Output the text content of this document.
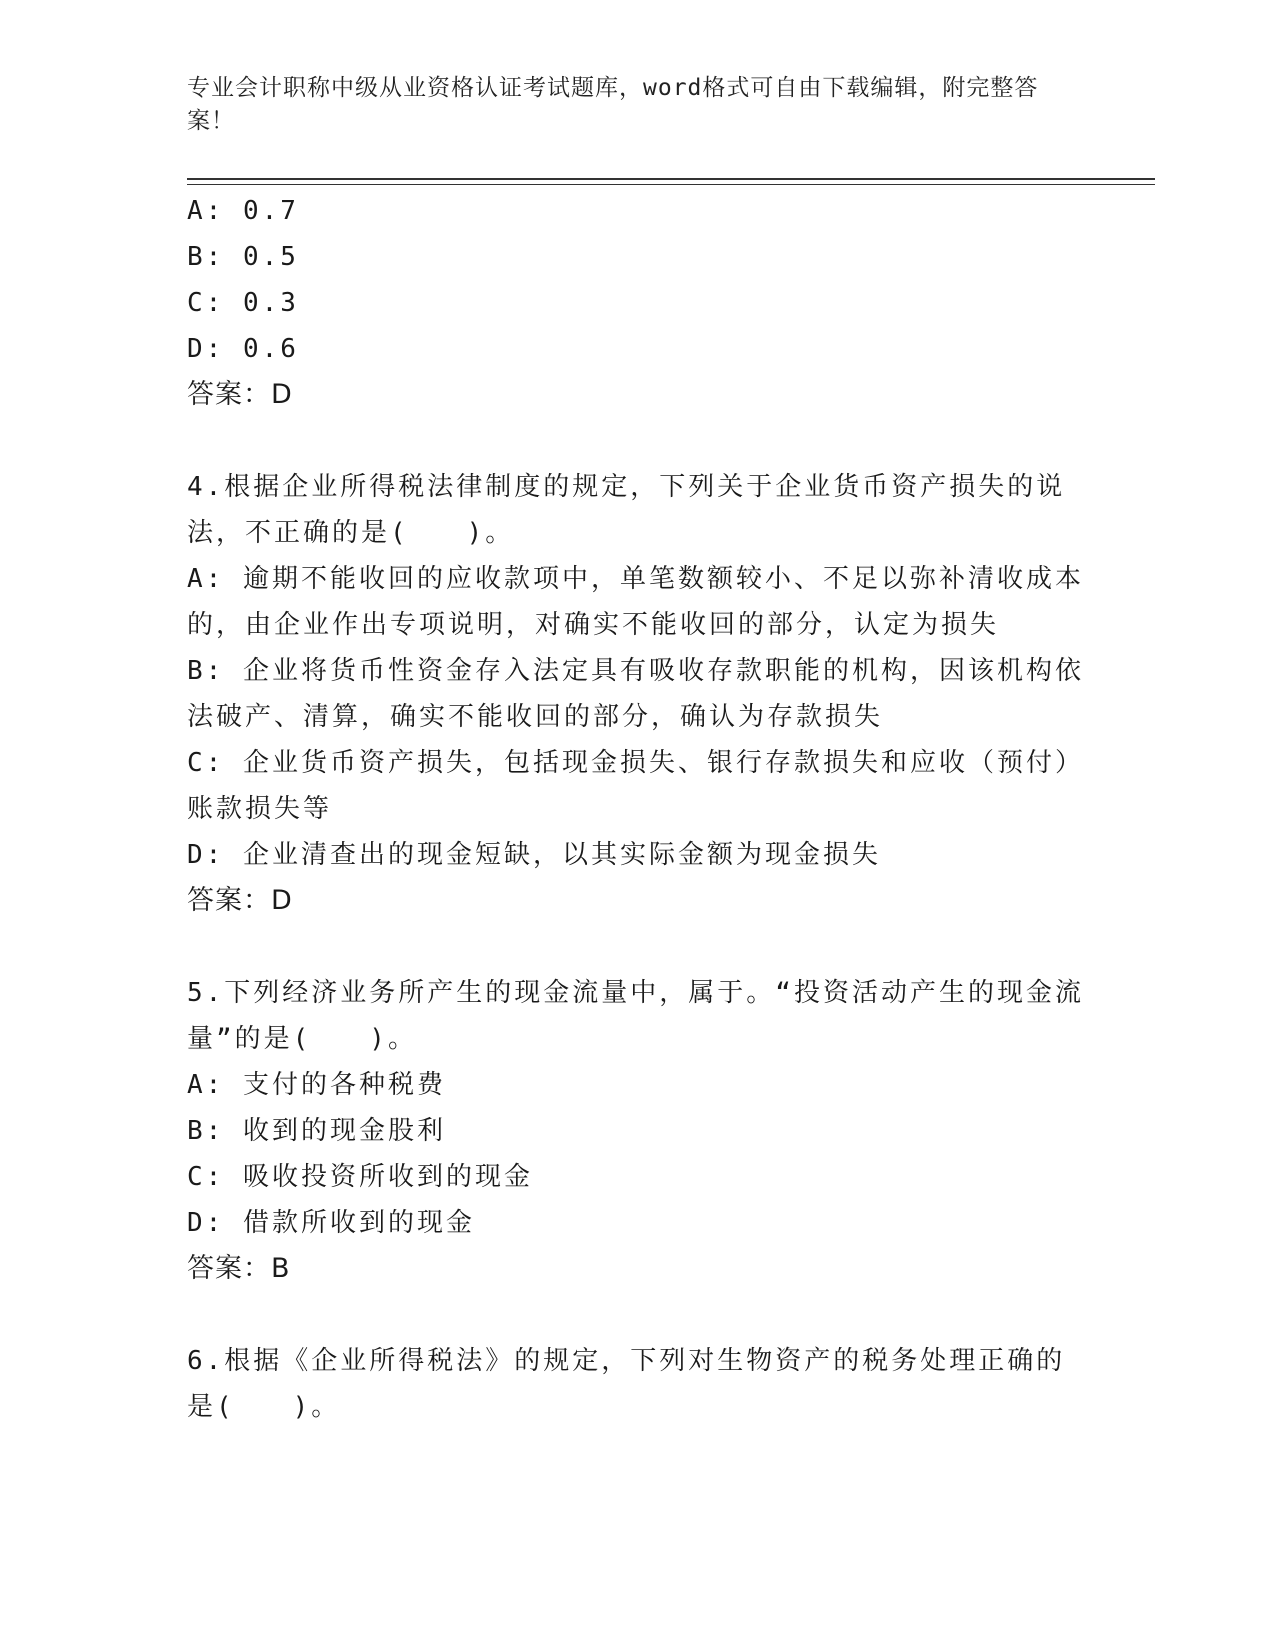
专业会计职称中级从业资格认证考试题库，word格式可自由下载编辑，附完整答案！
A: 0.7
B: 0.5
C: 0.3
D: 0.6
答案：D
4.根据企业所得税法律制度的规定，下列关于企业货币资产损失的说法，不正确的是(　　)。
A: 逾期不能收回的应收款项中，单笔数额较小、不足以弥补清收成本的，由企业作出专项说明，对确实不能收回的部分，认定为损失
B: 企业将货币性资金存入法定具有吸收存款职能的机构，因该机构依法破产、清算，确实不能收回的部分，确认为存款损失
C: 企业货币资产损失，包括现金损失、银行存款损失和应收（预付）账款损失等
D: 企业清查出的现金短缺，以其实际金额为现金损失
答案：D
5.下列经济业务所产生的现金流量中，属于。“投资活动产生的现金流量”的是(　　)。
A: 支付的各种税费
B: 收到的现金股利
C: 吸收投资所收到的现金
D: 借款所收到的现金
答案：B
6.根据《企业所得税法》的规定，下列对生物资产的税务处理正确的是(　　)。
